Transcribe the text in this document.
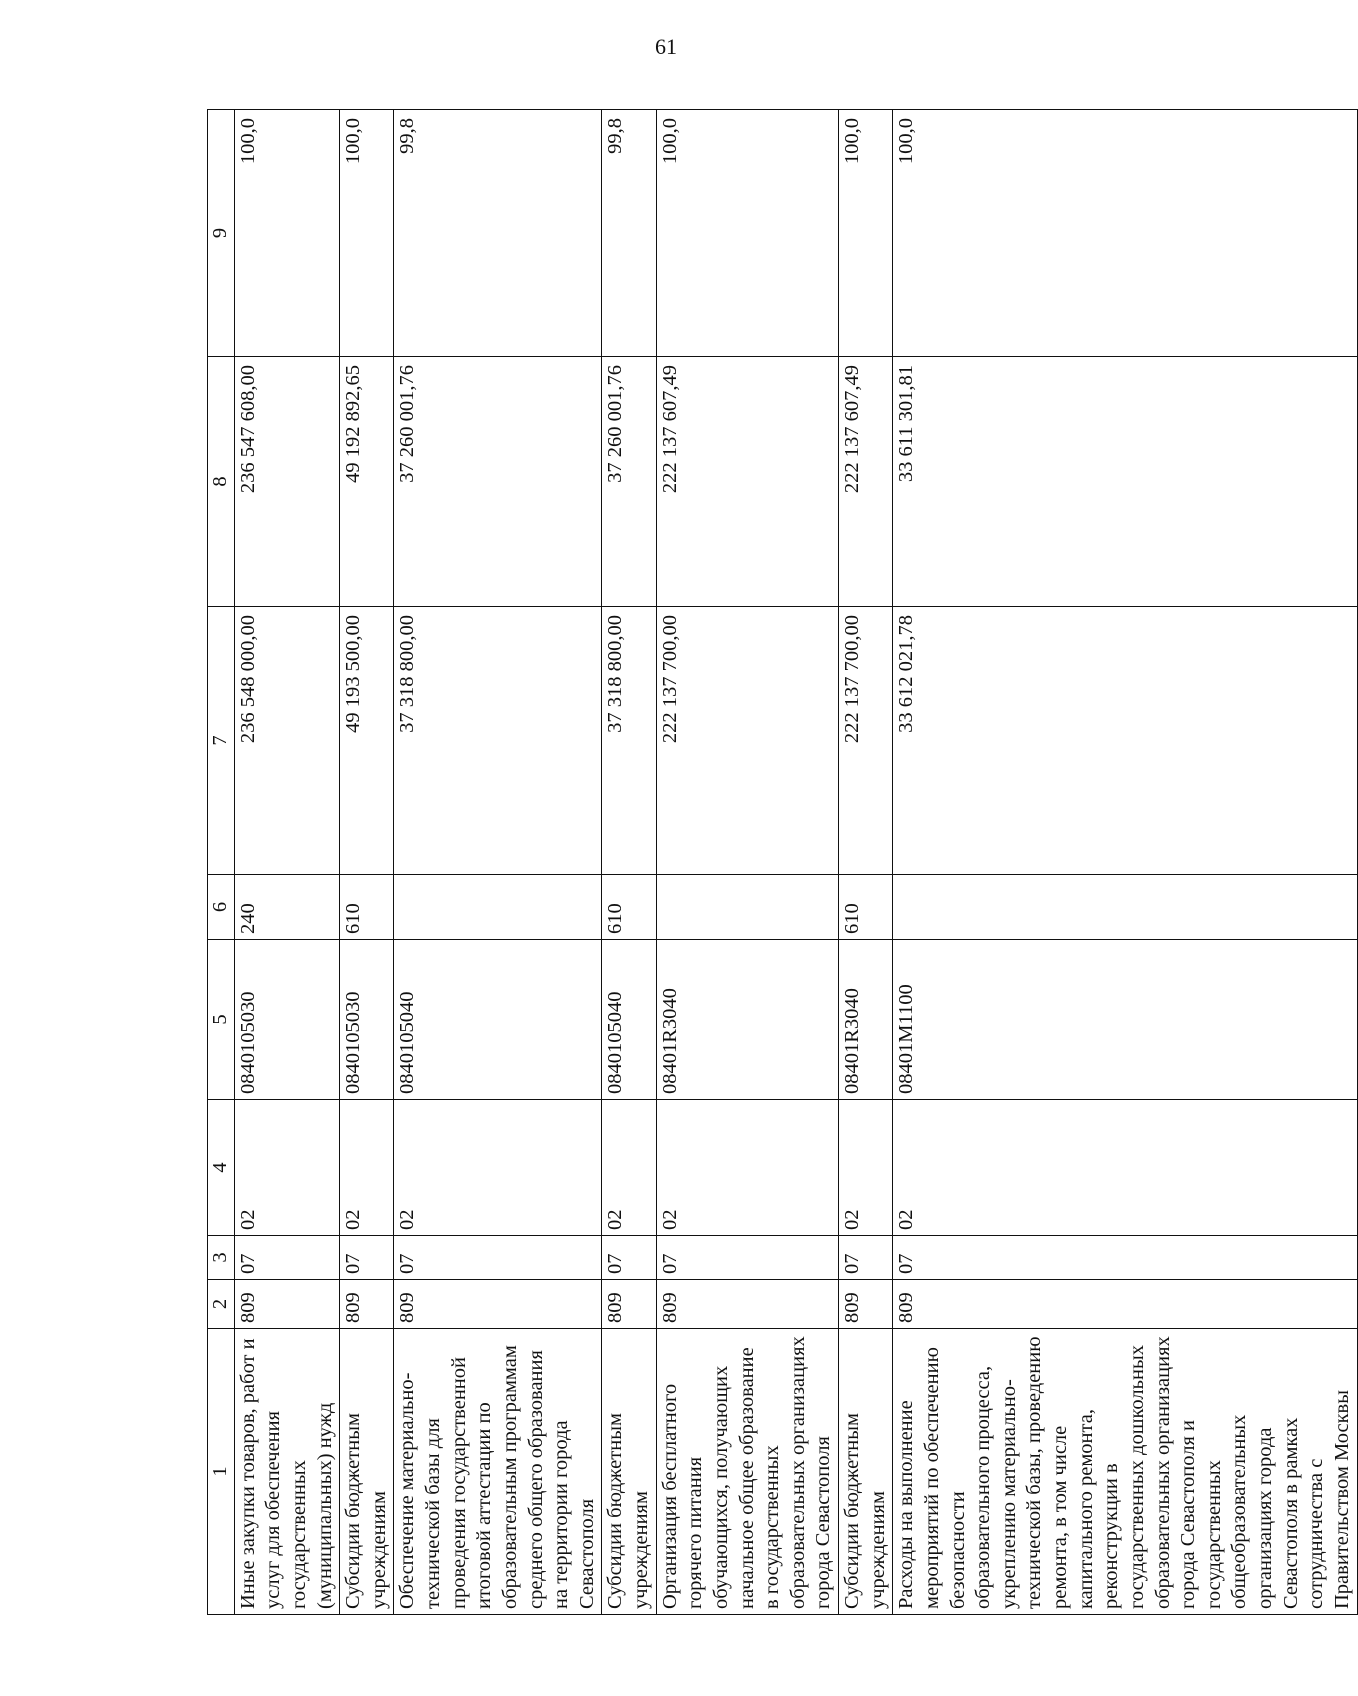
61
1	2	3	4	5	6	7	8	9
Иные закупки товаров, работ и услуг для обеспечения государственных (муниципальных) нужд	809	07	02	0840105030	240	236 548 000,00	236 547 608,00	100,0
Субсидии бюджетным учреждениям	809	07	02	0840105030	610	49 193 500,00	49 192 892,65	100,0
Обеспечение материально-технической базы для проведения государственной итоговой аттестации по образовательным программам среднего общего образования на территории города Севастополя	809	07	02	0840105040		37 318 800,00	37 260 001,76	99,8
Субсидии бюджетным учреждениям	809	07	02	0840105040	610	37 318 800,00	37 260 001,76	99,8
Организация бесплатного горячего питания обучающихся, получающих начальное общее образование в государственных образовательных организациях города Севастополя	809	07	02	08401R3040		222 137 700,00	222 137 607,49	100,0
Субсидии бюджетным учреждениям	809	07	02	08401R3040	610	222 137 700,00	222 137 607,49	100,0
Расходы на выполнение мероприятий по обеспечению безопасности образовательного процесса, укреплению материально-технической базы, проведению ремонта, в том числе капитального ремонта, реконструкции в государственных дошкольных образовательных организациях города Севастополя и государственных общеобразовательных организациях города Севастополя в рамках сотрудничества с Правительством Москвы	809	07	02	08401M1100		33 612 021,78	33 611 301,81	100,0
